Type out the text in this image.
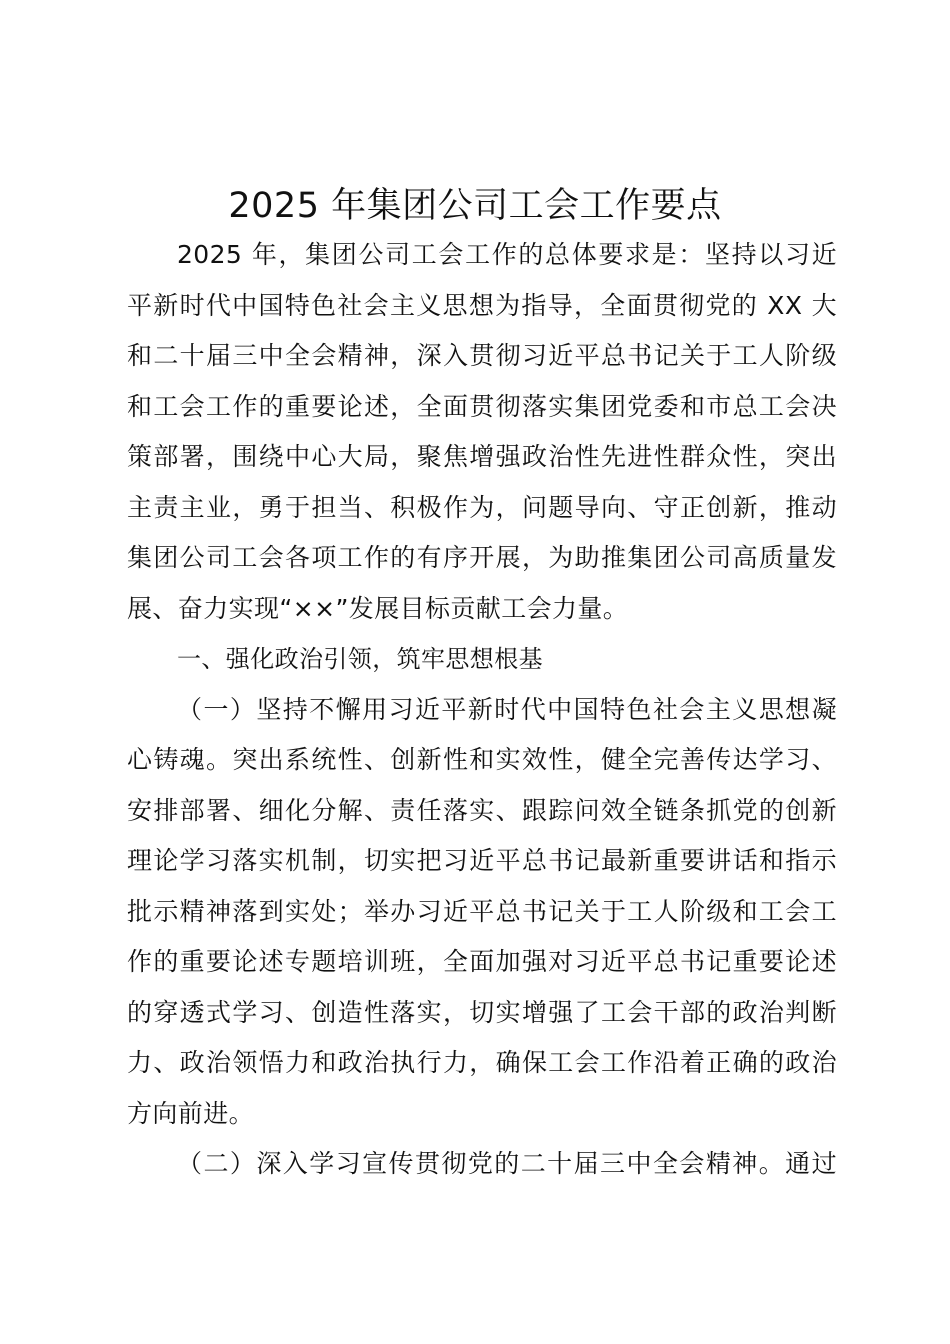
2025 年集团公司工会工作要点
2025 年，集团公司工会工作的总体要求是：坚持以习近
平新时代中国特色社会主义思想为指导，全面贯彻党的 XX 大
和二十届三中全会精神，深入贯彻习近平总书记关于工人阶级
和工会工作的重要论述，全面贯彻落实集团党委和市总工会决
策部署，围绕中心大局，聚焦增强政治性先进性群众性，突出
主责主业，勇于担当、积极作为，问题导向、守正创新，推动
集团公司工会各项工作的有序开展，为助推集团公司高质量发
展、奋力实现“××”发展目标贡献工会力量。
一、强化政治引领，筑牢思想根基
（一）坚持不懈用习近平新时代中国特色社会主义思想凝
心铸魂。突出系统性、创新性和实效性，健全完善传达学习、
安排部署、细化分解、责任落实、跟踪问效全链条抓党的创新
理论学习落实机制，切实把习近平总书记最新重要讲话和指示
批示精神落到实处；举办习近平总书记关于工人阶级和工会工
作的重要论述专题培训班，全面加强对习近平总书记重要论述
的穿透式学习、创造性落实，切实增强了工会干部的政治判断
力、政治领悟力和政治执行力，确保工会工作沿着正确的政治
方向前进。
（二）深入学习宣传贯彻党的二十届三中全会精神。通过
